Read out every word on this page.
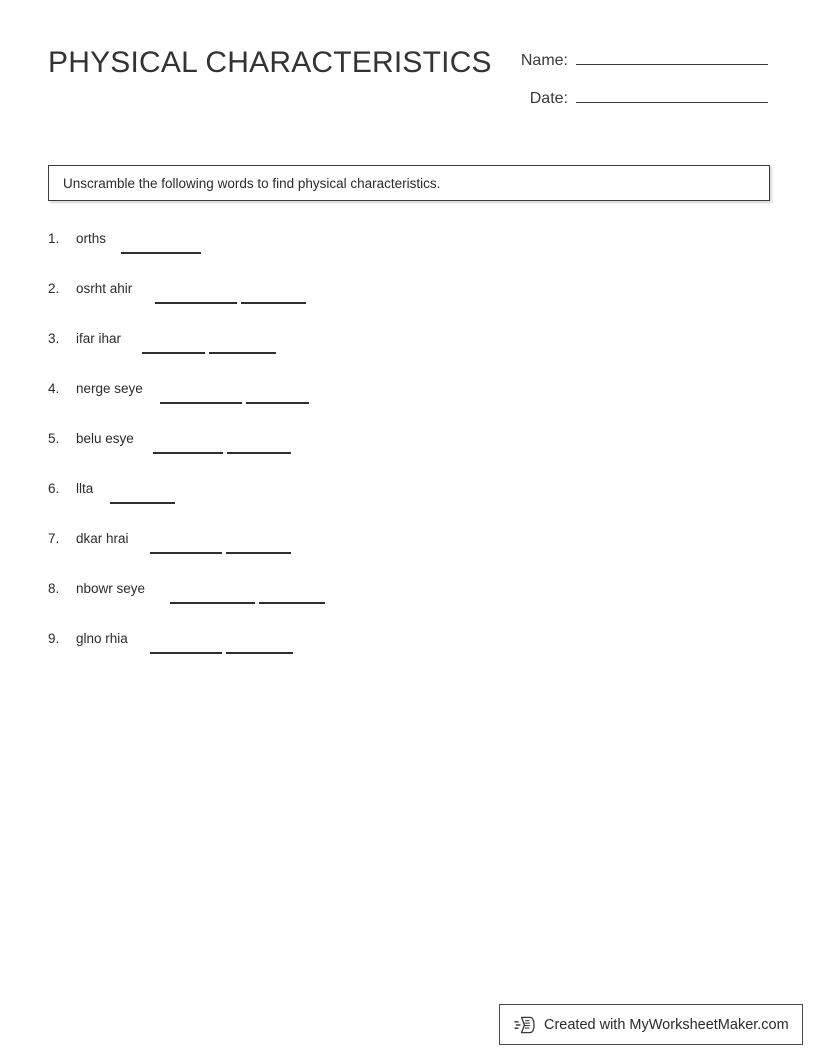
PHYSICAL CHARACTERISTICS Name:
Date:
Unscramble the following words to find physical characteristics.
1.	orths
2.	osrht ahir
3.	ifar ihar
4.	nerge seye
5.	belu esye
6.	llta
7.	dkar hrai
8.	nbowr seye
9.	glno rhia
Created with MyWorksheetMaker.com
